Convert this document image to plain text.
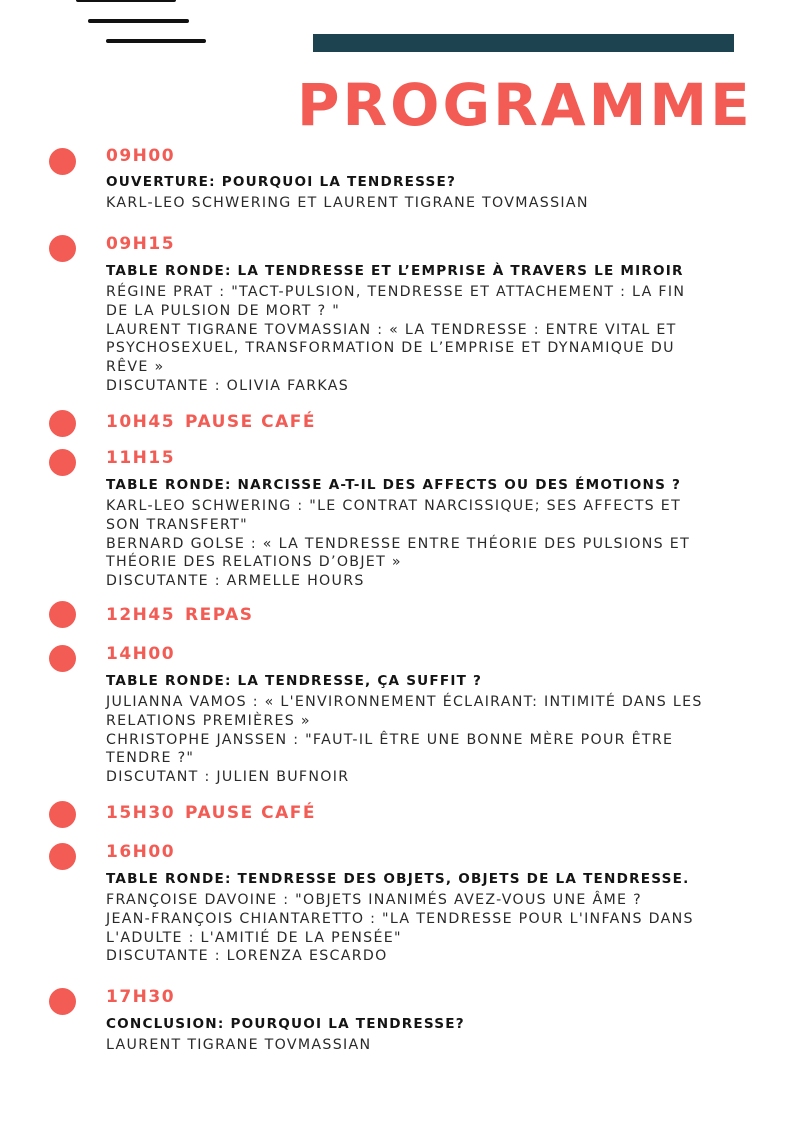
PROGRAMME
09H00
OUVERTURE: POURQUOI LA TENDRESSE?
KARL-LEO SCHWERING ET LAURENT TIGRANE TOVMASSIAN
09H15
TABLE RONDE: LA TENDRESSE ET L’EMPRISE À TRAVERS LE MIROIR
RÉGINE PRAT : "TACT-PULSION, TENDRESSE ET ATTACHEMENT : LA FIN
DE LA PULSION DE MORT ? "
LAURENT TIGRANE TOVMASSIAN : « LA TENDRESSE : ENTRE VITAL ET
PSYCHOSEXUEL, TRANSFORMATION DE L’EMPRISE ET DYNAMIQUE DU
RÊVE »
DISCUTANTE : OLIVIA FARKAS
10H45 PAUSE CAFÉ
11H15
TABLE RONDE: NARCISSE A-T-IL DES AFFECTS OU DES ÉMOTIONS ?
KARL-LEO SCHWERING : "LE CONTRAT NARCISSIQUE; SES AFFECTS ET
SON TRANSFERT"
BERNARD GOLSE : « LA TENDRESSE ENTRE THÉORIE DES PULSIONS ET
THÉORIE DES RELATIONS D’OBJET »
DISCUTANTE : ARMELLE HOURS
12H45 REPAS
14H00
TABLE RONDE: LA TENDRESSE, ÇA SUFFIT ?
JULIANNA VAMOS : « L'ENVIRONNEMENT ÉCLAIRANT: INTIMITÉ DANS LES
RELATIONS PREMIÈRES »
CHRISTOPHE JANSSEN : "FAUT-IL ÊTRE UNE BONNE MÈRE POUR ÊTRE
TENDRE ?"
DISCUTANT : JULIEN BUFNOIR
15H30 PAUSE CAFÉ
16H00
TABLE RONDE: TENDRESSE DES OBJETS, OBJETS DE LA TENDRESSE.
FRANÇOISE DAVOINE : "OBJETS INANIMÉS AVEZ-VOUS UNE ÂME ?
JEAN-FRANÇOIS CHIANTARETTO : "LA TENDRESSE POUR L'INFANS DANS
L'ADULTE : L'AMITIÉ DE LA PENSÉE"
DISCUTANTE : LORENZA ESCARDO
17H30
CONCLUSION: POURQUOI LA TENDRESSE?
LAURENT TIGRANE TOVMASSIAN
